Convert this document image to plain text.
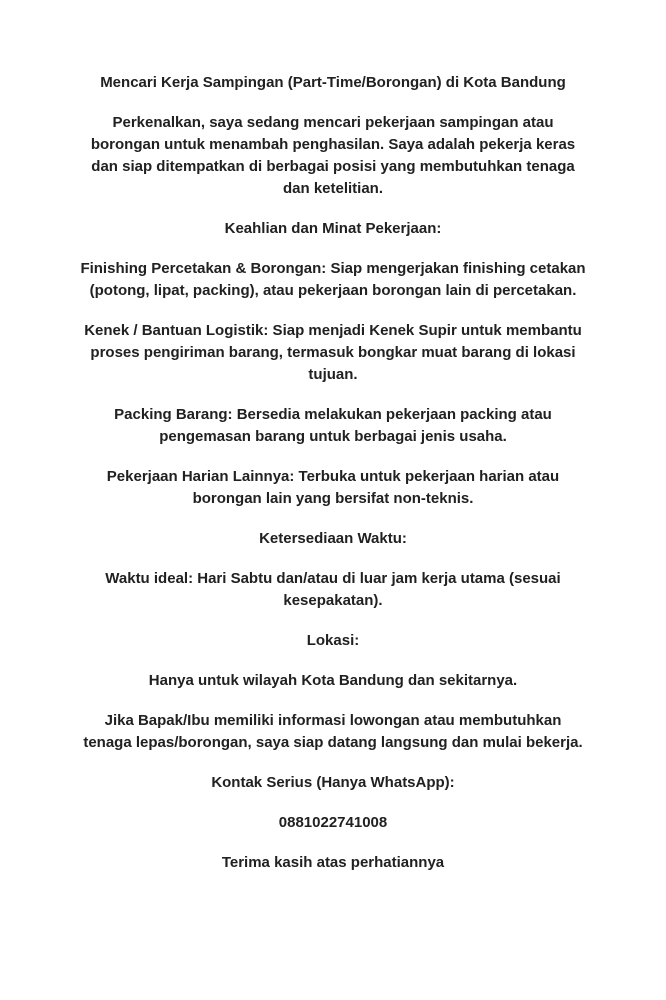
Mencari Kerja Sampingan (Part-Time/Borongan) di Kota Bandung

Perkenalkan, saya sedang mencari pekerjaan sampingan atau
borongan untuk menambah penghasilan. Saya adalah pekerja keras
dan siap ditempatkan di berbagai posisi yang membutuhkan tenaga
dan ketelitian.

Keahlian dan Minat Pekerjaan:

Finishing Percetakan & Borongan: Siap mengerjakan finishing cetakan
(potong, lipat, packing), atau pekerjaan borongan lain di percetakan.

Kenek / Bantuan Logistik: Siap menjadi Kenek Supir untuk membantu
proses pengiriman barang, termasuk bongkar muat barang di lokasi
tujuan.

Packing Barang: Bersedia melakukan pekerjaan packing atau
pengemasan barang untuk berbagai jenis usaha.

Pekerjaan Harian Lainnya: Terbuka untuk pekerjaan harian atau
borongan lain yang bersifat non-teknis.

Ketersediaan Waktu:

Waktu ideal: Hari Sabtu dan/atau di luar jam kerja utama (sesuai
kesepakatan).

Lokasi:

Hanya untuk wilayah Kota Bandung dan sekitarnya.

Jika Bapak/Ibu memiliki informasi lowongan atau membutuhkan
tenaga lepas/borongan, saya siap datang langsung dan mulai bekerja.

Kontak Serius (Hanya WhatsApp):

0881022741008

Terima kasih atas perhatiannya
